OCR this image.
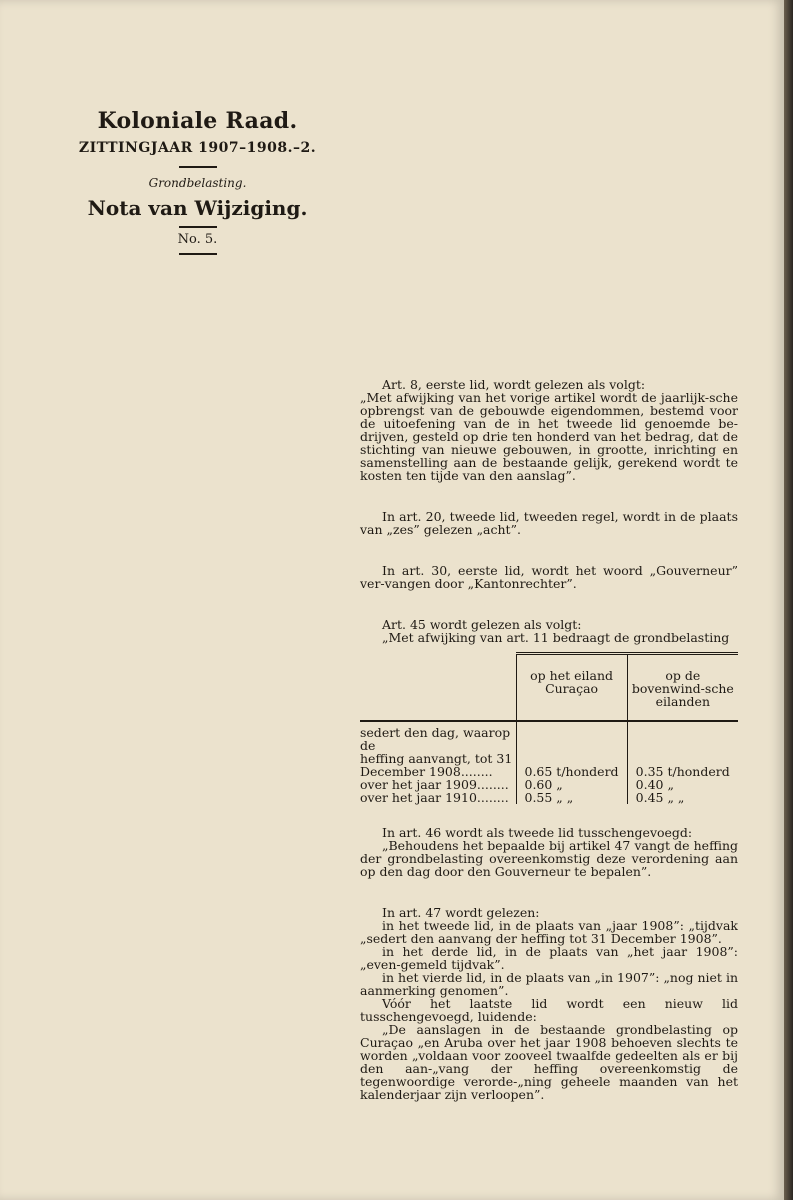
Koloniale Raad.

ZITTINGJAAR 1907–1908.–2.

Grondbelasting.

Nota van Wijziging.

No. 5.

Art. 8, eerste lid, wordt gelezen als volgt:

„Met afwijking van het vorige artikel wordt de jaarlijk-sche opbrengst van de gebouwde eigendommen, bestemd voor de uitoefening van de in het tweede lid genoemde be-drijven, gesteld op drie ten honderd van het bedrag, dat de stichting van nieuwe gebouwen, in grootte, inrichting en samenstelling aan de bestaande gelijk, gerekend wordt te kosten ten tijde van den aanslag”.

In art. 20, tweede lid, tweeden regel, wordt in de plaats van „zes” gelezen „acht”.

In art. 30, eerste lid, wordt het woord „Gouverneur” ver-vangen door „Kantonrechter”.

Art. 45 wordt gelezen als volgt:

„Met afwijking van art. 11 bedraagt de grondbelasting

	op het eiland Curaçao	op de bovenwind-sche eilanden

sedert den dag, waarop de		

heffing aanvangt, tot 31
December 1908........	0.65 t/honderd	0.35 t/honderd
over het jaar 1909........	0.60 „	0.40 „
over het jaar 1910........	0.55 „ „	0.45 „ „

In art. 46 wordt als tweede lid tusschengevoegd:

„Behoudens het bepaalde bij artikel 47 vangt de heffing der grondbelasting overeenkomstig deze verordening aan op den dag door den Gouverneur te bepalen”.

In art. 47 wordt gelezen:

in het tweede lid, in de plaats van „jaar 1908”: „tijdvak „sedert den aanvang der heffing tot 31 December 1908”.

in het derde lid, in de plaats van „het jaar 1908”: „even-gemeld tijdvak”.

in het vierde lid, in de plaats van „in 1907”: „nog niet in aanmerking genomen”.

Vóór het laatste lid wordt een nieuw lid tusschengevoegd, luidende:

„De aanslagen in de bestaande grondbelasting op Curaçao „en Aruba over het jaar 1908 behoeven slechts te worden „voldaan voor zooveel twaalfde gedeelten als er bij den aan-„vang der heffing overeenkomstig de tegenwoordige verorde-„ning geheele maanden van het kalenderjaar zijn verloopen”.
